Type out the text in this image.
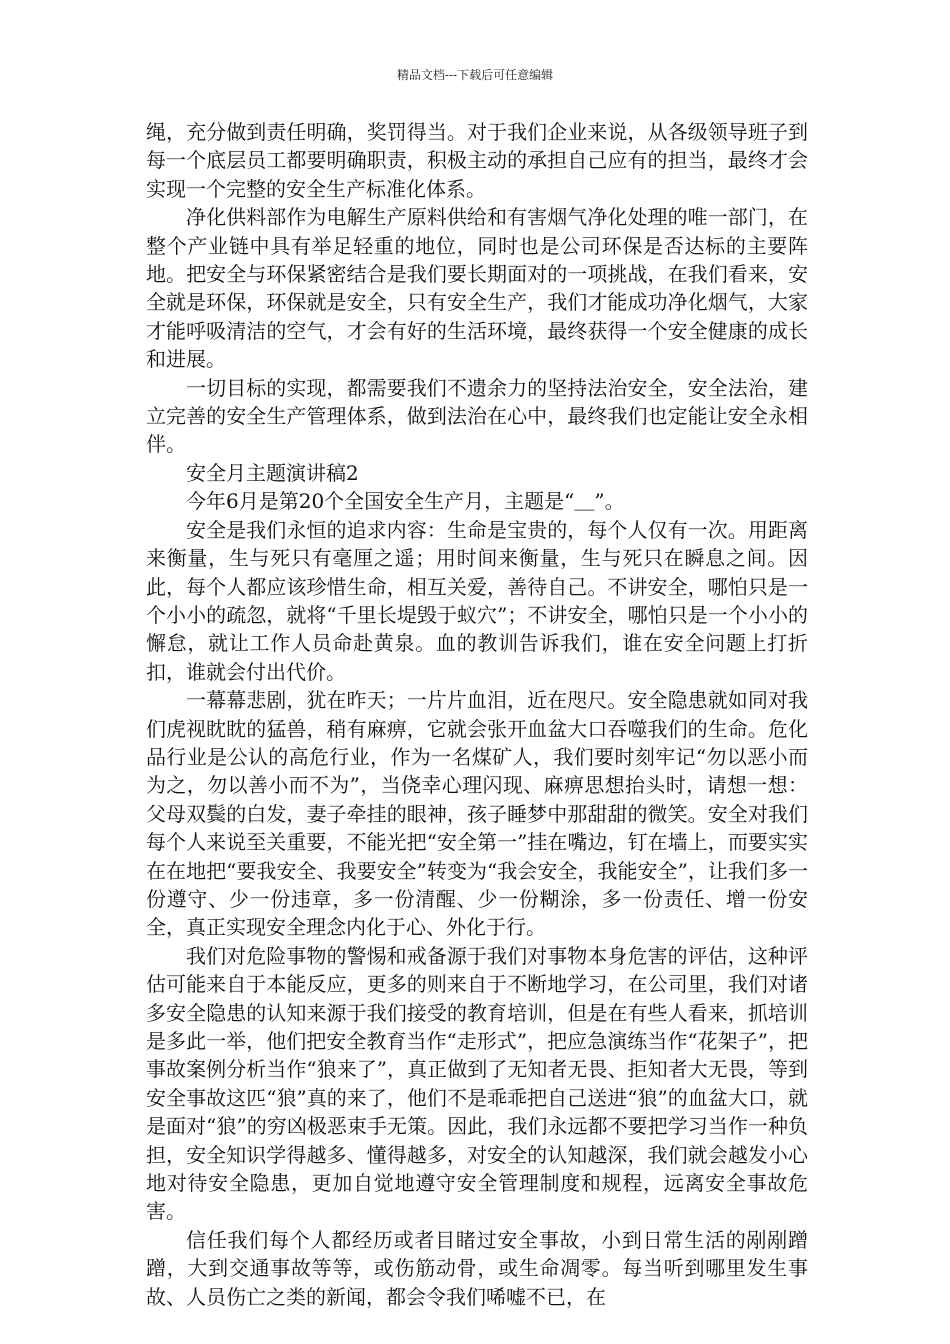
精品文档---下载后可任意编辑

绳，充分做到责任明确，奖罚得当。对于我们企业来说，从各级领导班子到每一个底层员工都要明确职责，积极主动的承担自己应有的担当，最终才会实现一个完整的安全生产标准化体系。

净化供料部作为电解生产原料供给和有害烟气净化处理的唯一部门，在整个产业链中具有举足轻重的地位，同时也是公司环保是否达标的主要阵地。把安全与环保紧密结合是我们要长期面对的一项挑战，在我们看来，安全就是环保，环保就是安全，只有安全生产，我们才能成功净化烟气，大家才能呼吸清洁的空气，才会有好的生活环境，最终获得一个安全健康的成长和进展。

一切目标的实现，都需要我们不遗余力的坚持法治安全，安全法治，建立完善的安全生产管理体系，做到法治在心中，最终我们也定能让安全永相伴。

安全月主题演讲稿2

今年6月是第20个全国安全生产月，主题是“＿”。

安全是我们永恒的追求内容：生命是宝贵的，每个人仅有一次。用距离来衡量，生与死只有毫厘之遥；用时间来衡量，生与死只在瞬息之间。因此，每个人都应该珍惜生命，相互关爱，善待自己。不讲安全，哪怕只是一个小小的疏忽，就将“千里长堤毁于蚁穴”；不讲安全，哪怕只是一个小小的懈怠，就让工作人员命赴黄泉。血的教训告诉我们，谁在安全问题上打折扣，谁就会付出代价。

一幕幕悲剧，犹在昨天；一片片血泪，近在咫尺。安全隐患就如同对我们虎视眈眈的猛兽，稍有麻痹，它就会张开血盆大口吞噬我们的生命。危化品行业是公认的高危行业，作为一名煤矿人，我们要时刻牢记“勿以恶小而为之，勿以善小而不为”，当侥幸心理闪现、麻痹思想抬头时，请想一想：父母双鬓的白发，妻子牵挂的眼神，孩子睡梦中那甜甜的微笑。安全对我们每个人来说至关重要，不能光把“安全第一”挂在嘴边，钉在墙上，而要实实在在地把“要我安全、我要安全”转变为“我会安全，我能安全”，让我们多一份遵守、少一份违章，多一份清醒、少一份糊涂，多一份责任、增一份安全，真正实现安全理念内化于心、外化于行。

我们对危险事物的警惕和戒备源于我们对事物本身危害的评估，这种评估可能来自于本能反应，更多的则来自于不断地学习，在公司里，我们对诸多安全隐患的认知来源于我们接受的教育培训，但是在有些人看来，抓培训是多此一举，他们把安全教育当作“走形式”，把应急演练当作“花架子”，把事故案例分析当作“狼来了”，真正做到了无知者无畏、拒知者大无畏，等到安全事故这匹“狼”真的来了，他们不是乖乖把自己送进“狼”的血盆大口，就是面对“狼”的穷凶极恶束手无策。因此，我们永远都不要把学习当作一种负担，安全知识学得越多、懂得越多，对安全的认知越深，我们就会越发小心地对待安全隐患，更加自觉地遵守安全管理制度和规程，远离安全事故危害。

信任我们每个人都经历或者目睹过安全事故，小到日常生活的剐剐蹭蹭，大到交通事故等等，或伤筋动骨，或生命凋零。每当听到哪里发生事故、人员伤亡之类的新闻，都会令我们唏嘘不已，在
